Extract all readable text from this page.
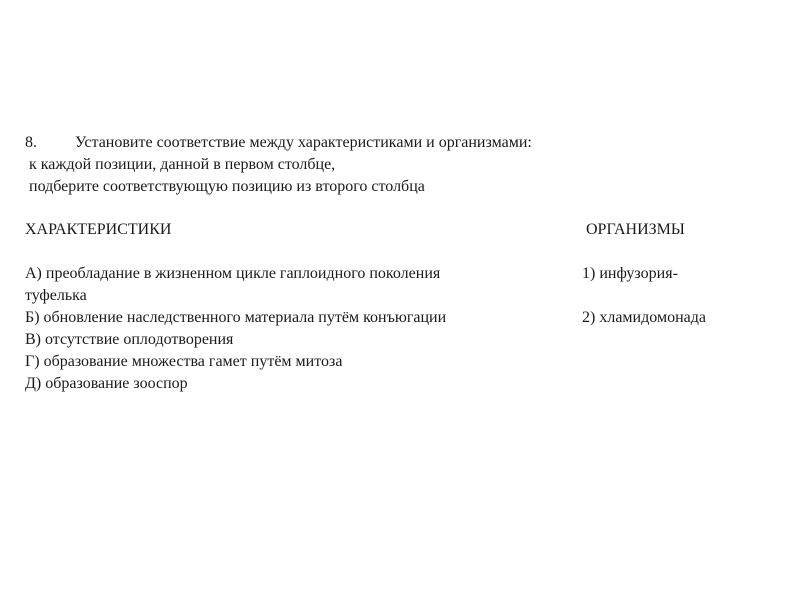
8. Установите соответствие между характеристиками и организмами:
к каждой позиции, данной в первом столбце,
подберите соответствующую позицию из второго столбца
ХАРАКТЕРИСТИКИ	ОРГАНИЗМЫ
А) преобладание в жизненном цикле гаплоидного поколения	1) инфузория-
туфелька
Б) обновление наследственного материала путём конъюгации	2) хламидомонада
В) отсутствие оплодотворения
Г) образование множества гамет путём митоза
Д) образование зооспор
